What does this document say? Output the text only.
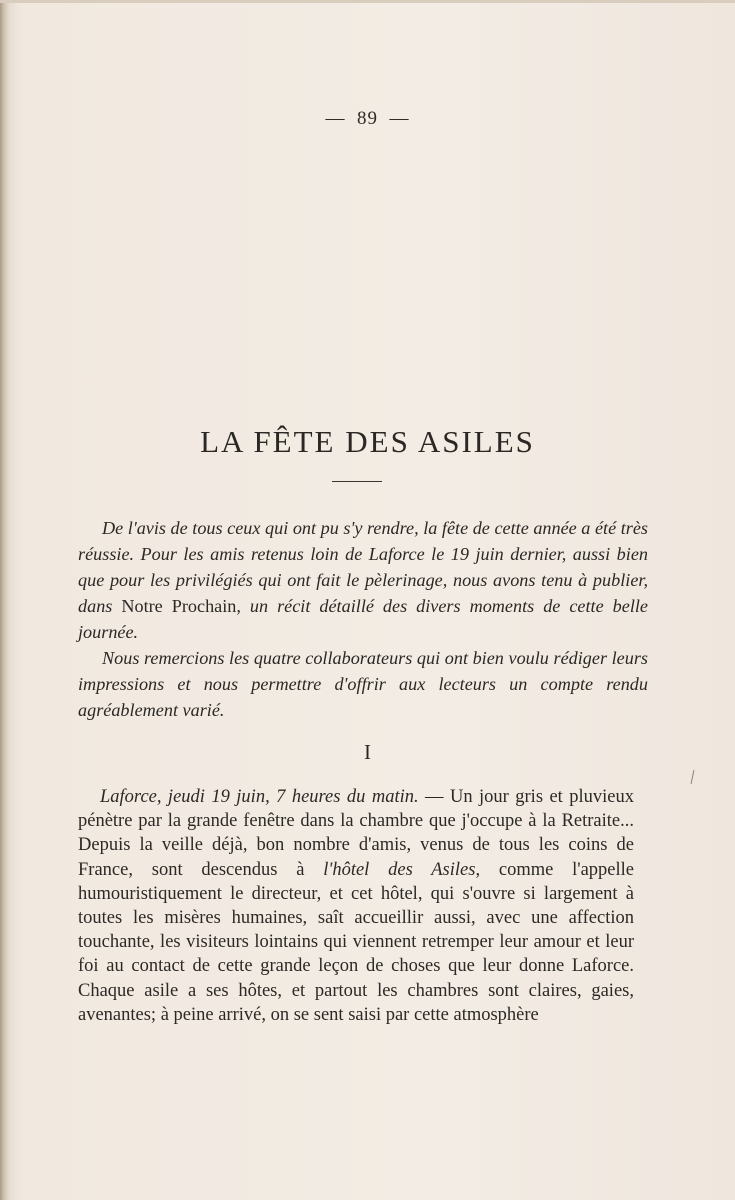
— 89 —
LA FÊTE DES ASILES

De l'avis de tous ceux qui ont pu s'y rendre, la fête de cette année a été très réussie. Pour les amis retenus loin de Laforce le 19 juin dernier, aussi bien que pour les privilégiés qui ont fait le pèlerinage, nous avons tenu à publier, dans Notre Prochain, un récit détaillé des divers moments de cette belle journée.

Nous remercions les quatre collaborateurs qui ont bien voulu rédiger leurs impressions et nous permettre d'offrir aux lecteurs un compte rendu agréablement varié.

I

Laforce, jeudi 19 juin, 7 heures du matin. — Un jour gris et pluvieux pénètre par la grande fenêtre dans la chambre que j'occupe à la Retraite... Depuis la veille déjà, bon nombre d'amis, venus de tous les coins de France, sont descendus à l'hôtel des Asiles, comme l'appelle humouristiquement le directeur, et cet hôtel, qui s'ouvre si largement à toutes les misères humaines, saît accueillir aussi, avec une affection touchante, les visiteurs lointains qui viennent retremper leur amour et leur foi au contact de cette grande leçon de choses que leur donne Laforce. Chaque asile a ses hôtes, et partout les chambres sont claires, gaies, avenantes; à peine arrivé, on se sent saisi par cette atmosphère
